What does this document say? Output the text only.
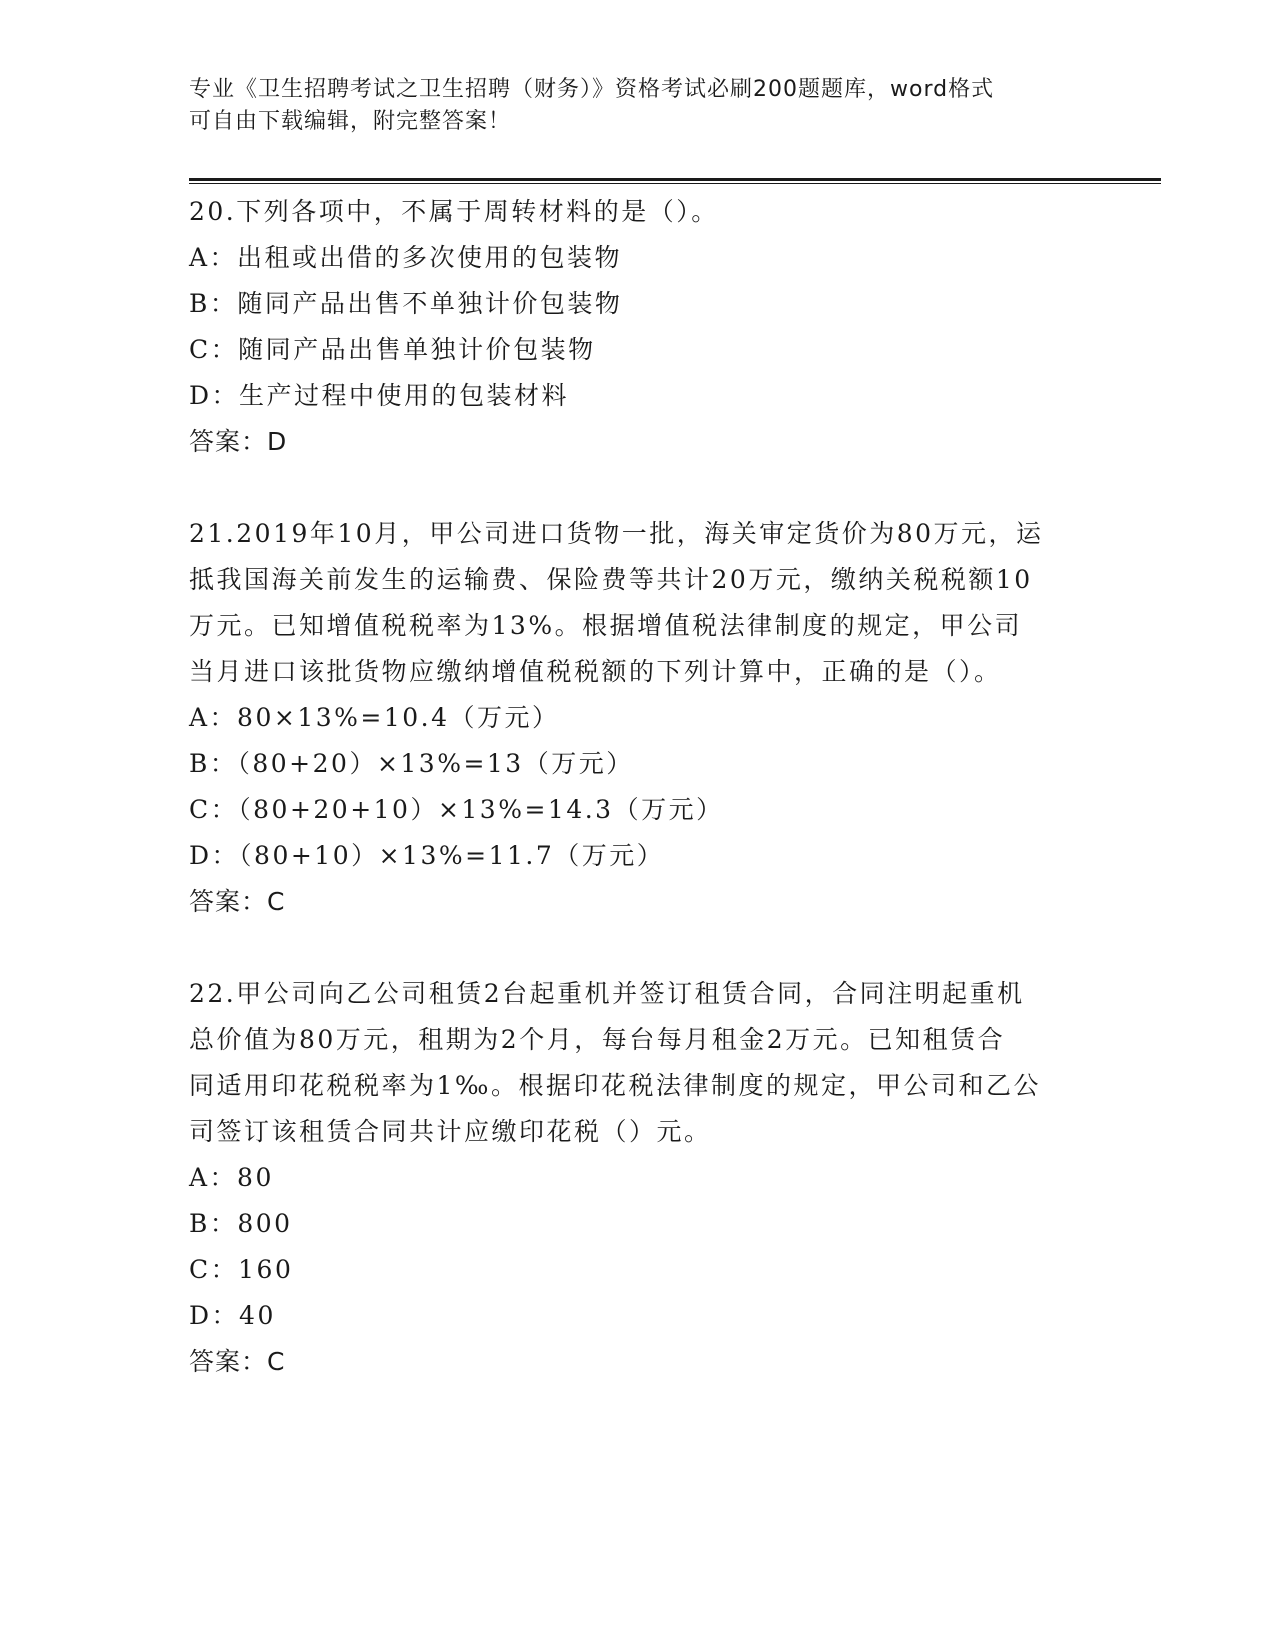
专业《卫生招聘考试之卫生招聘（财务）》资格考试必刷200题题库，word格式
可自由下载编辑，附完整答案！
20.下列各项中，不属于周转材料的是（）。
A：出租或出借的多次使用的包装物
B：随同产品出售不单独计价包装物
C：随同产品出售单独计价包装物
D：生产过程中使用的包装材料
答案：D
21.2019年10月，甲公司进口货物一批，海关审定货价为80万元，运
抵我国海关前发生的运输费、保险费等共计20万元，缴纳关税税额10
万元。已知增值税税率为13%。根据增值税法律制度的规定，甲公司
当月进口该批货物应缴纳增值税税额的下列计算中，正确的是（）。
A：80×13%=10.4（万元）
B：（80+20）×13%=13（万元）
C：（80+20+10）×13%=14.3（万元）
D：（80+10）×13%=11.7（万元）
答案：C
22.甲公司向乙公司租赁2台起重机并签订租赁合同，合同注明起重机
总价值为80万元，租期为2个月，每台每月租金2万元。已知租赁合
同适用印花税税率为1‰。根据印花税法律制度的规定，甲公司和乙公
司签订该租赁合同共计应缴印花税（）元。
A：80
B：800
C：160
D：40
答案：C
